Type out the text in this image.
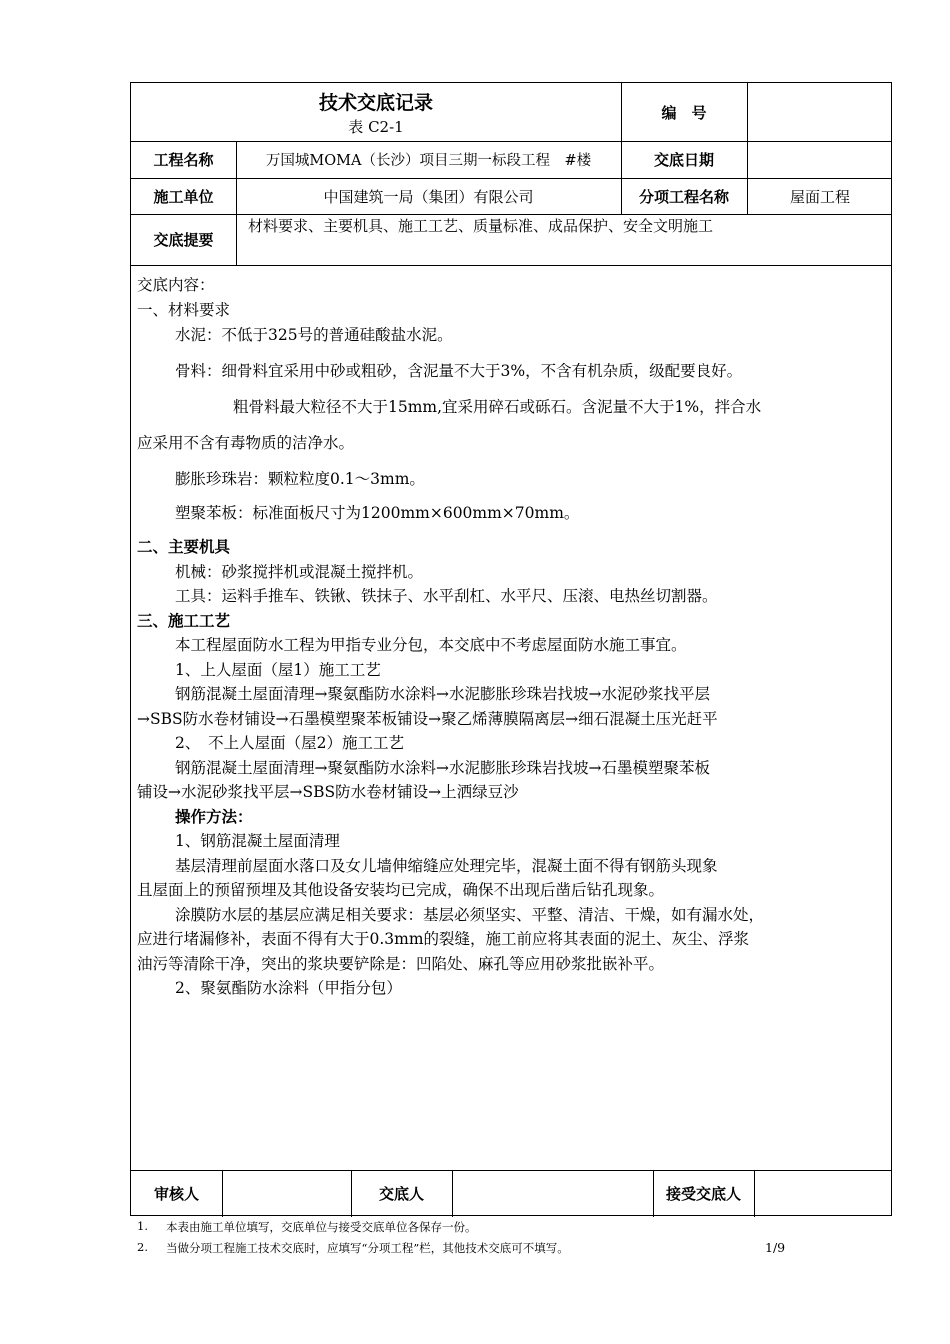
技术交底记录
表 C2-1
编　号
工程名称	万国城MOMA（长沙）项目三期一标段工程　#楼	交底日期
施工单位	中国建筑一局（集团）有限公司	分项工程名称	屋面工程
交底提要
材料要求、主要机具、施工工艺、质量标准、成品保护、安全文明施工
交底内容：
一、材料要求
水泥：不低于325号的普通硅酸盐水泥。
骨料：细骨料宜采用中砂或粗砂，含泥量不大于3%，不含有机杂质，级配要良好。
粗骨料最大粒径不大于15mm,宜采用碎石或砾石。含泥量不大于1%，拌合水
应采用不含有毒物质的洁净水。
膨胀珍珠岩：颗粒粒度0.1～3mm。
塑聚苯板：标准面板尺寸为1200mm×600mm×70mm。
二、主要机具
机械：砂浆搅拌机或混凝土搅拌机。
工具：运料手推车、铁锹、铁抹子、水平刮杠、水平尺、压滚、电热丝切割器。
三、施工工艺
本工程屋面防水工程为甲指专业分包，本交底中不考虑屋面防水施工事宜。
1、上人屋面（屋1）施工工艺
钢筋混凝土屋面清理→聚氨酯防水涂料→水泥膨胀珍珠岩找坡→水泥砂浆找平层
→SBS防水卷材铺设→石墨模塑聚苯板铺设→聚乙烯薄膜隔离层→细石混凝土压光赶平
2、　不上人屋面（屋2）施工工艺
钢筋混凝土屋面清理→聚氨酯防水涂料→水泥膨胀珍珠岩找坡→石墨模塑聚苯板
铺设→水泥砂浆找平层→SBS防水卷材铺设→上洒绿豆沙
操作方法：
1、钢筋混凝土屋面清理
基层清理前屋面水落口及女儿墙伸缩缝应处理完毕，混凝土面不得有钢筋头现象
且屋面上的预留预埋及其他设备安装均已完成，确保不出现后凿后钻孔现象。
涂膜防水层的基层应满足相关要求：基层必须坚实、平整、清洁、干燥，如有漏水处，
应进行堵漏修补，表面不得有大于0.3mm的裂缝，施工前应将其表面的泥土、灰尘、浮浆
油污等清除干净，突出的浆块要铲除是：凹陷处、麻孔等应用砂浆批嵌补平。
2、聚氨酯防水涂料（甲指分包）
审核人	交底人	接受交底人
1. 本表由施工单位填写，交底单位与接受交底单位各保存一份。
2. 当做分项工程施工技术交底时，应填写“分项工程”栏，其他技术交底可不填写。	1/9
